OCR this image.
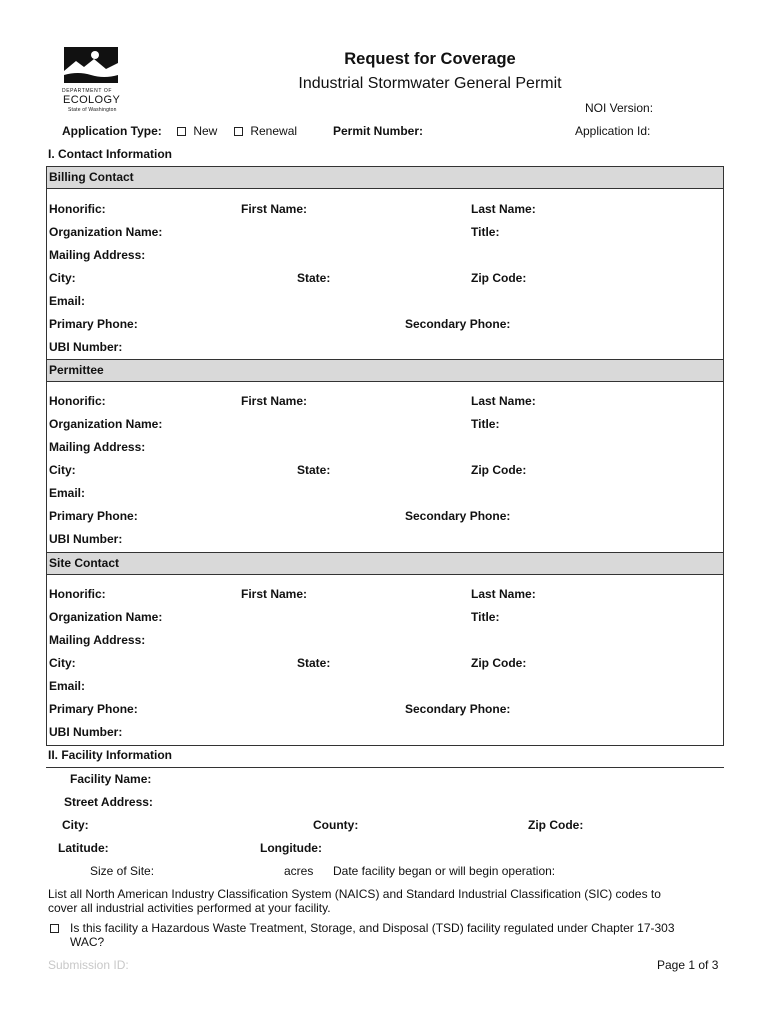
DEPARTMENT OF
ECOLOGY
State of Washington
Request for Coverage
Industrial Stormwater General Permit
NOI Version:
Application Type:	New	Renewal	Permit Number:	Application Id:
I. Contact Information
Billing Contact
Honorific:	First Name:	Last Name:
Organization Name:	Title:
Mailing Address:
City:	State:	Zip Code:
Email:
Primary Phone:	Secondary Phone:
UBI Number:
Permittee
Honorific:	First Name:	Last Name:
Organization Name:	Title:
Mailing Address:
City:	State:	Zip Code:
Email:
Primary Phone:	Secondary Phone:
UBI Number:
Site Contact
Honorific:	First Name:	Last Name:
Organization Name:	Title:
Mailing Address:
City:	State:	Zip Code:
Email:
Primary Phone:	Secondary Phone:
UBI Number:
II. Facility Information
Facility Name:
Street Address:
City:	County:	Zip Code:
Latitude:	Longitude:
Size of Site:	acres Date facility began or will begin operation:
List all North American Industry Classification System (NAICS) and Standard Industrial Classification (SIC) codes to
cover all industrial activities performed at your facility.
Is this facility a Hazardous Waste Treatment, Storage, and Disposal (TSD) facility regulated under Chapter 17-303
WAC?
Submission ID:	Page 1 of 3
